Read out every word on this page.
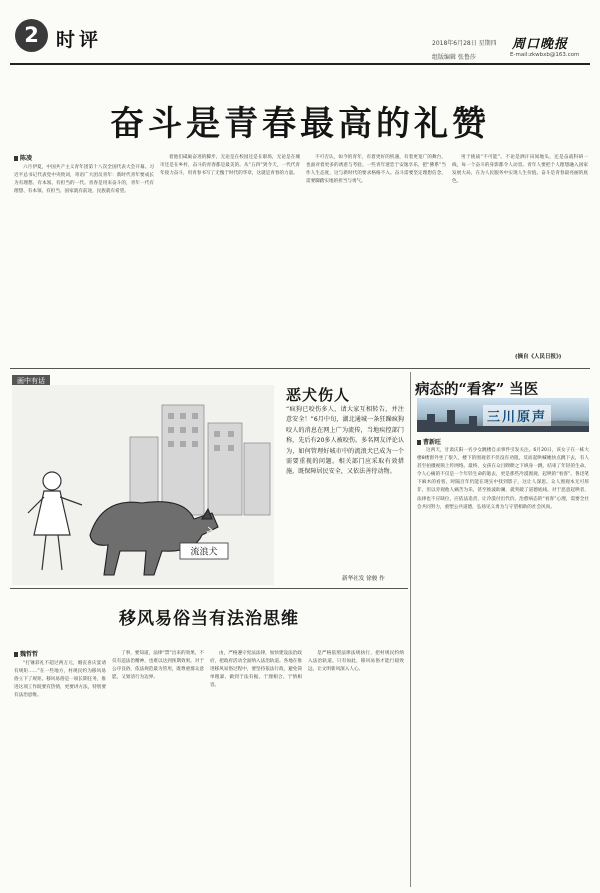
2 时评	2018年6月28日 星期四 周口晚报
组版编辑 张鲁莎	E-mail:zkwbxb@163.com
奋斗是青春最高的礼赞
陈凌

六月伊夏，中国共产主义青年团第十八次全国代表大会开幕。习近平总书记代表党中央致词，寄语广大团员青年：新时代青年要成长为有理想、有本领、有担当的一代。青春是用来奋斗的，青年一代有理想、有本领、有担当，国家就有前途，民族就有希望。

着他们砥砺奋进的脚步。无论是在校园还是在职场，无论是在城市还是在乡村，奋斗的青春都是最美的。从“五四”到今天，一代代青年接力奋斗，用青春书写了无愧于时代的华章，这就是青春的力量。

不可否认，如今的青年，有着更好的机遇，有着更宽广的舞台，也面对着更多的诱惑与考验。一些青年迷恋于安逸享乐，把“佛系”当作人生态度，这与新时代的要求格格不入。奋斗需要坚定理想信念，需要脚踏实地的担当与勇气。

男于挑战“不可能”。不论是洒汗田间地头，还是奋战科研一线，每一个奋斗的身影都令人动容。青年人要把个人理想融入国家发展大局，在为人民服务中实现人生价值。奋斗是青春最亮丽的底色。

(摘自《人民日报》)
画中有话
流浪犬
恶犬伤人
“疯狗已咬伤多人，请大家互相转告，并注意安全！”6月中旬，湖北通城一条狂躁疯狗咬人的消息在网上广为流传，当地疾控部门称，先后有20多人被咬伤。多名网友评论认为，如何管理好城市中的流浪犬已成为一个需要重视的问题。相关部门应采取有效措施，既保障居民安全，又依法善待动物。
新华社发 徐骏 作
病态的“看客” 当医
三川原声
曹新旺

这两天，甘肃庆阳一名少女跳楼自杀事件引发关注。6月20日，该女子在一栋大楼8楼窗外坐了很久，楼下的围观者不但没有劝阻，反而起哄喊她快点跳下去，有人甚至拍摄视频上传网络。最终，女孩在众目睽睽之下纵身一跳，结束了年轻的生命。令人心痛的不仅是一个年轻生命的逝去，更是那些冷漠围观、起哄的“看客”。鲁迅笔下麻木的看客，时隔百年仍能在现实中找到影子，这让人深思。众人围观本无可厚非，但以旁观他人痛苦为乐，甚至推波助澜，就突破了道德底线。对于恶意起哄者，法律也不应缺位，应依法追责，让冷漠付出代价。治愈病态的“看客”心理，需要全社会共同努力，重塑公共道德，弘扬见义勇为与守望相助的社会风尚。

移风易俗当有法治思维
魏哲哲

“打锤彩礼不超过两万元，婚丧喜庆宴请有规矩……”在一些地方，村规民约为移风易俗立下了规矩。移风易俗是一项长期任务，推进这项工作既要有热情，更要讲方法，特别要有法治思维。

了事，要知道，法律“禁”出来的效果，不仅有违法治精神，也难以达到预期效果。对于公序良俗，依法规范最为管用，既尊重群众意愿，又划清行为边界。

由，严格遵守宪法法律，加快建设法治政府，把政府活动全面纳入法治轨道。各地在推进移风易俗过程中，要坚持依法行政，避免简单粗暴，做到于法有据、于理相合、于情相容。

是严格依照法律法规执行，把村规民约纳入法治轨道。只有如此，移风易俗才能行稳致远，让文明新风深入人心。
